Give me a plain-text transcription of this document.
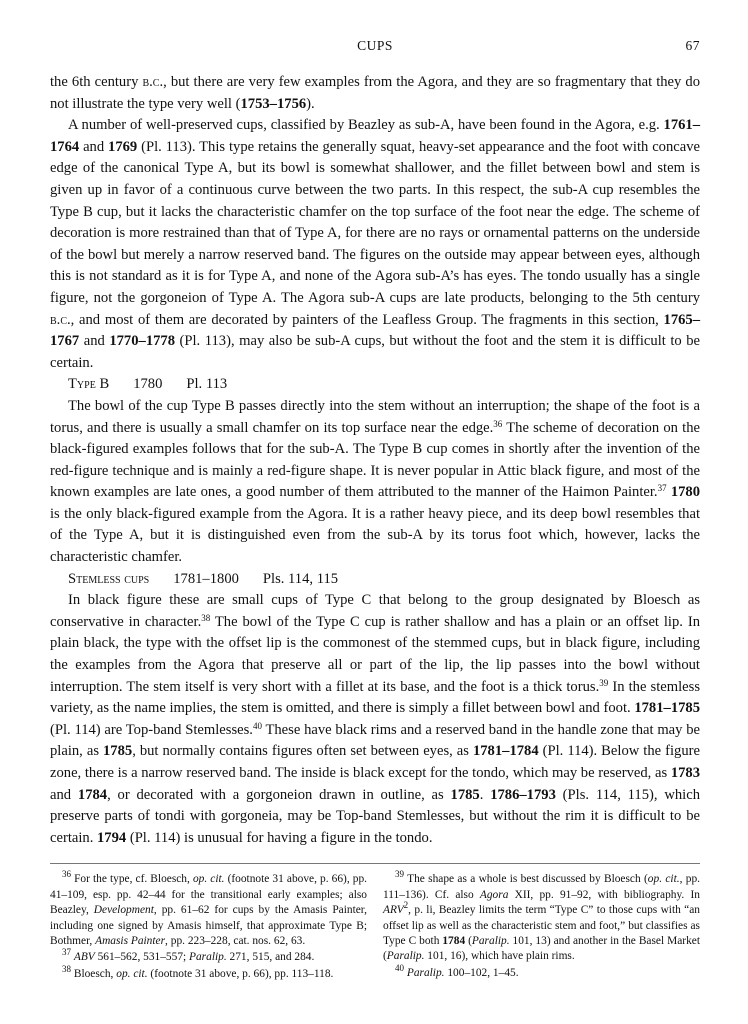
CUPS	67

the 6th century b.c., but there are very few examples from the Agora, and they are so fragmentary that they do not illustrate the type very well (1753–1756).

A number of well-preserved cups, classified by Beazley as sub-A, have been found in the Agora, e.g. 1761–1764 and 1769 (Pl. 113). This type retains the generally squat, heavy-set appearance and the foot with concave edge of the canonical Type A, but its bowl is somewhat shallower, and the fillet between bowl and stem is given up in favor of a continuous curve between the two parts. In this respect, the sub-A cup resembles the Type B cup, but it lacks the characteristic chamfer on the top surface of the foot near the edge. The scheme of decoration is more restrained than that of Type A, for there are no rays or ornamental patterns on the underside of the bowl but merely a narrow reserved band. The figures on the outside may appear between eyes, although this is not standard as it is for Type A, and none of the Agora sub-A’s has eyes. The tondo usually has a single figure, not the gorgoneion of Type A. The Agora sub-A cups are late products, belonging to the 5th century b.c., and most of them are decorated by painters of the Leafless Group. The fragments in this section, 1765–1767 and 1770–1778 (Pl. 113), may also be sub-A cups, but without the foot and the stem it is difficult to be certain.

Type B 1780 Pl. 113

The bowl of the cup Type B passes directly into the stem without an interruption; the shape of the foot is a torus, and there is usually a small chamfer on its top surface near the edge.$^{36}$ The scheme of decoration on the black-figured examples follows that for the sub-A. The Type B cup comes in shortly after the invention of the red-figure technique and is mainly a red-figure shape. It is never popular in Attic black figure, and most of the known examples are late ones, a good number of them attributed to the manner of the Haimon Painter.$^{37}$ 1780 is the only black-figured example from the Agora. It is a rather heavy piece, and its deep bowl resembles that of the Type A, but it is distinguished even from the sub-A by its torus foot which, however, lacks the characteristic chamfer.

Stemless cups 1781–1800 Pls. 114, 115

In black figure these are small cups of Type C that belong to the group designated by Bloesch as conservative in character.$^{38}$ The bowl of the Type C cup is rather shallow and has a plain or an offset lip. In plain black, the type with the offset lip is the commonest of the stemmed cups, but in black figure, including the examples from the Agora that preserve all or part of the lip, the lip passes into the bowl without interruption. The stem itself is very short with a fillet at its base, and the foot is a thick torus.$^{39}$ In the stemless variety, as the name implies, the stem is omitted, and there is simply a fillet between bowl and foot. 1781–1785 (Pl. 114) are Top-band Stemlesses.$^{40}$ These have black rims and a reserved band in the handle zone that may be plain, as 1785, but normally contains figures often set between eyes, as 1781–1784 (Pl. 114). Below the figure zone, there is a narrow reserved band. The inside is black except for the tondo, which may be reserved, as 1783 and 1784, or decorated with a gorgoneion drawn in outline, as 1785. 1786–1793 (Pls. 114, 115), which preserve parts of tondi with gorgoneia, may be Top-band Stemlesses, but without the rim it is difficult to be certain. 1794 (Pl. 114) is unusual for having a figure in the tondo.

$^{36}$ For the type, cf. Bloesch, op. cit. (footnote 31 above, p. 66), pp. 41–109, esp. pp. 42–44 for the transitional early examples; also Beazley, Development, pp. 61–62 for cups by the Amasis Painter, including one signed by Amasis himself, that approximate Type B; Bothmer, Amasis Painter, pp. 223–228, cat. nos. 62, 63.

$^{37}$ ABV 561–562, 531–557; Paralip. 271, 515, and 284.

$^{38}$ Bloesch, op. cit. (footnote 31 above, p. 66), pp. 113–118.

$^{39}$ The shape as a whole is best discussed by Bloesch (op. cit., pp. 111–136). Cf. also Agora XII, pp. 91–92, with bibliography. In ARV$^2$, p. li, Beazley limits the term “Type C” to those cups with “an offset lip as well as the characteristic stem and foot,” but classifies as Type C both 1784 (Paralip. 101, 13) and another in the Basel Market (Paralip. 101, 16), which have plain rims.

$^{40}$ Paralip. 100–102, 1–45.
